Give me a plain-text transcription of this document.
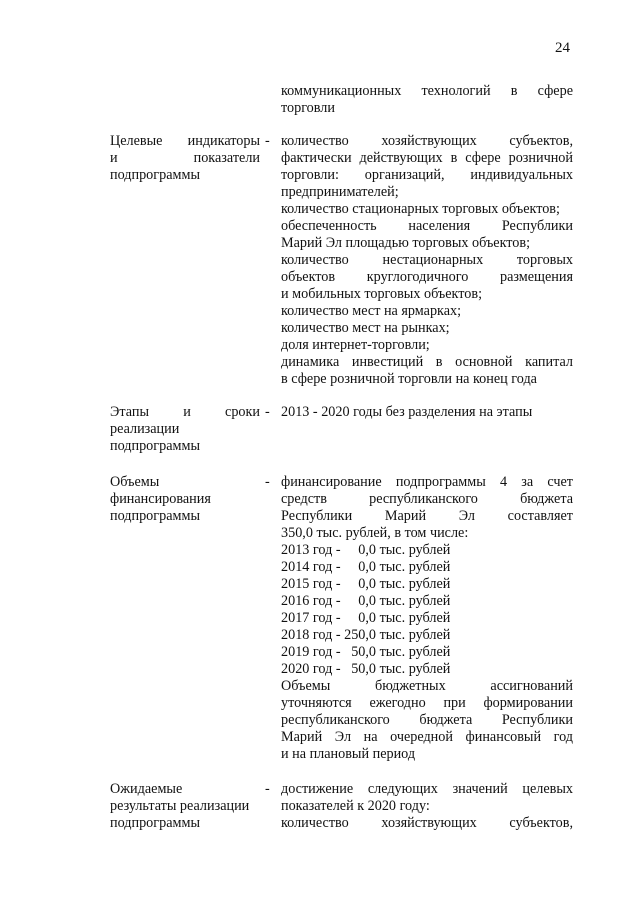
24
коммуникационных технологий в сфере
торговли
Целевые индикаторы
и показатели
подпрограммы
- количество хозяйствующих субъектов,
фактически действующих в сфере розничной
торговли: организаций, индивидуальных
предпринимателей;
количество стационарных торговых объектов;
обеспеченность населения Республики
Марий Эл площадью торговых объектов;
количество нестационарных торговых
объектов круглогодичного размещения
и мобильных торговых объектов;
количество мест на ярмарках;
количество мест на рынках;
доля интернет-торговли;
динамика инвестиций в основной капитал
в сфере розничной торговли на конец года
Этапы и сроки
реализации
подпрограммы
- 2013 - 2020 годы без разделения на этапы
Объемы
финансирования
подпрограммы
- финансирование подпрограммы 4 за счет
средств республиканского бюджета
Республики Марий Эл составляет
350,0 тыс. рублей, в том числе:
2013 год -     0,0 тыс. рублей
2014 год -     0,0 тыс. рублей
2015 год -     0,0 тыс. рублей
2016 год -     0,0 тыс. рублей
2017 год -     0,0 тыс. рублей
2018 год - 250,0 тыс. рублей
2019 год -   50,0 тыс. рублей
2020 год -   50,0 тыс. рублей
Объемы бюджетных ассигнований
уточняются ежегодно при формировании
республиканского бюджета Республики
Марий Эл на очередной финансовый год
и на плановый период
Ожидаемые
результаты реализации
подпрограммы
- достижение следующих значений целевых
показателей к 2020 году:
количество хозяйствующих субъектов,
